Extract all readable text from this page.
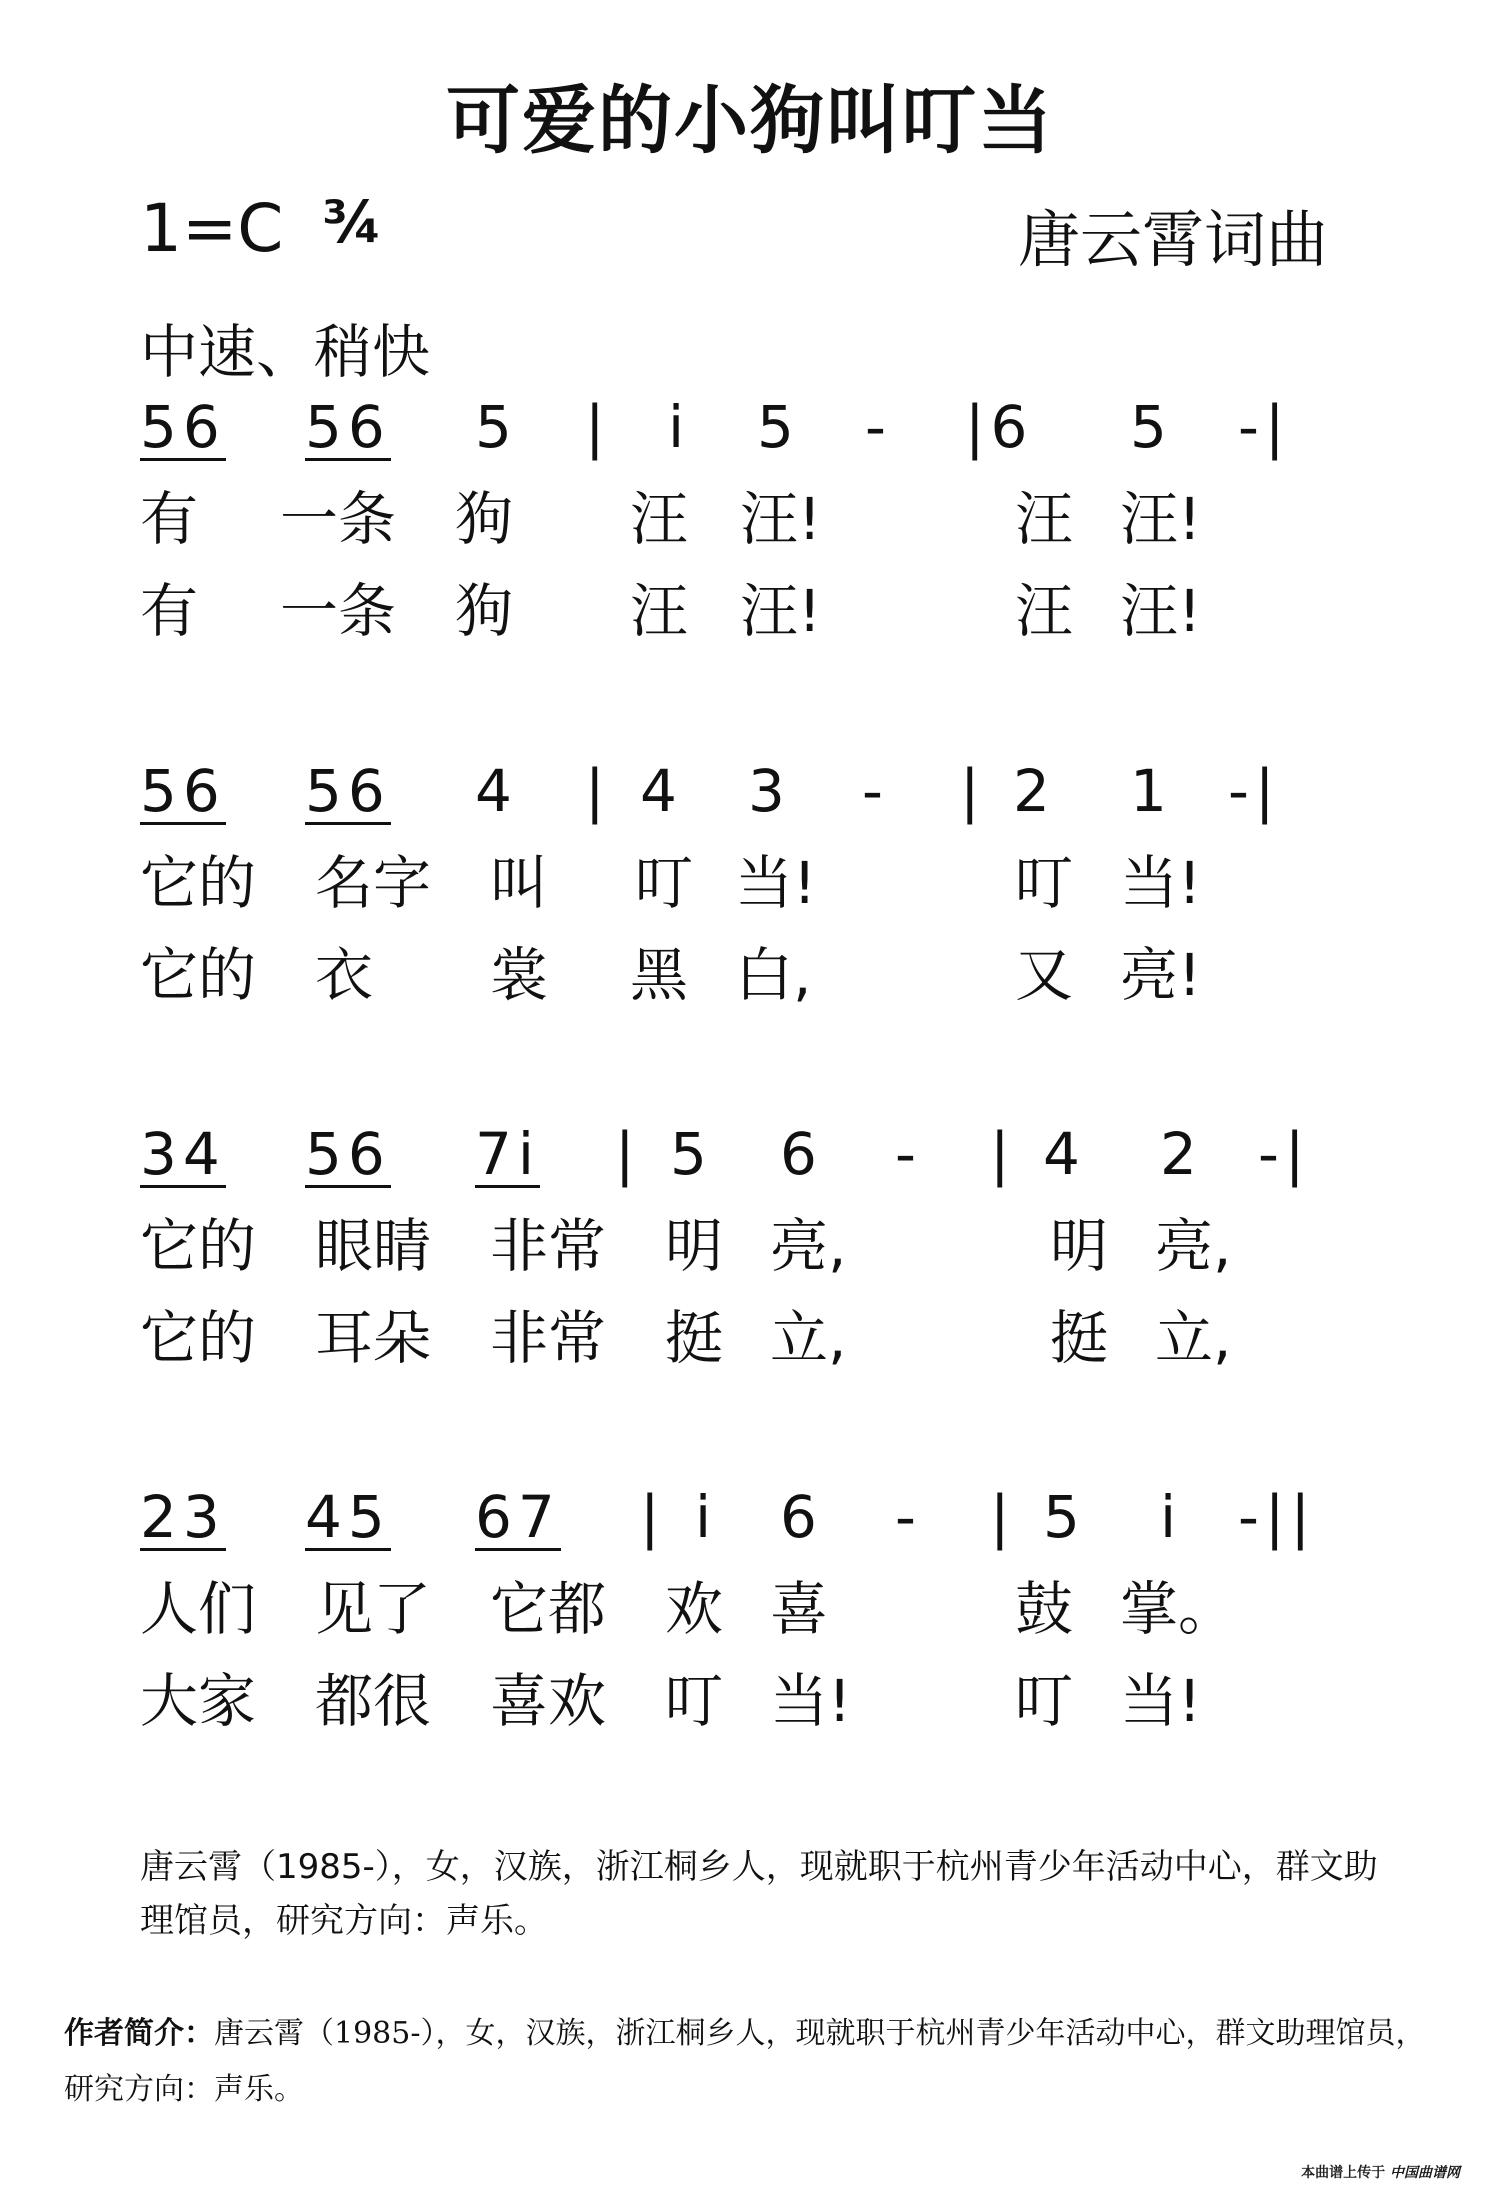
可爱的小狗叫叮当
1=C ¾	唐云霄词曲
中速、稍快
56 56 5 | i 5 - |6 5 -|
有 一条 狗 汪 汪!	汪 汪!
有 一条 狗 汪 汪!	汪 汪!
56 56 4 | 4 3 - | 2 1 -|
它的 名字 叫 叮 当!	叮 当!
它的 衣 裳 黑 白,	又 亮!
34 56 7i | 5 6 - | 4 2 -|
它的 眼睛 非常 明 亮,	明 亮,
它的 耳朵 非常 挺 立,	挺 立,
23 45 67 | i 6 - | 5 i -||
人们 见了 它都 欢 喜	鼓 掌。
大家 都很 喜欢 叮 当!	叮 当!
唐云霄（1985-），女，汉族，浙江桐乡人，现就职于杭州青少年活动中心，群文助理馆员，研究方向：声乐。
作者简介：唐云霄（1985-），女，汉族，浙江桐乡人，现就职于杭州青少年活动中心，群文助理馆员，研究方向：声乐。
本曲谱上传于 中国曲谱网
